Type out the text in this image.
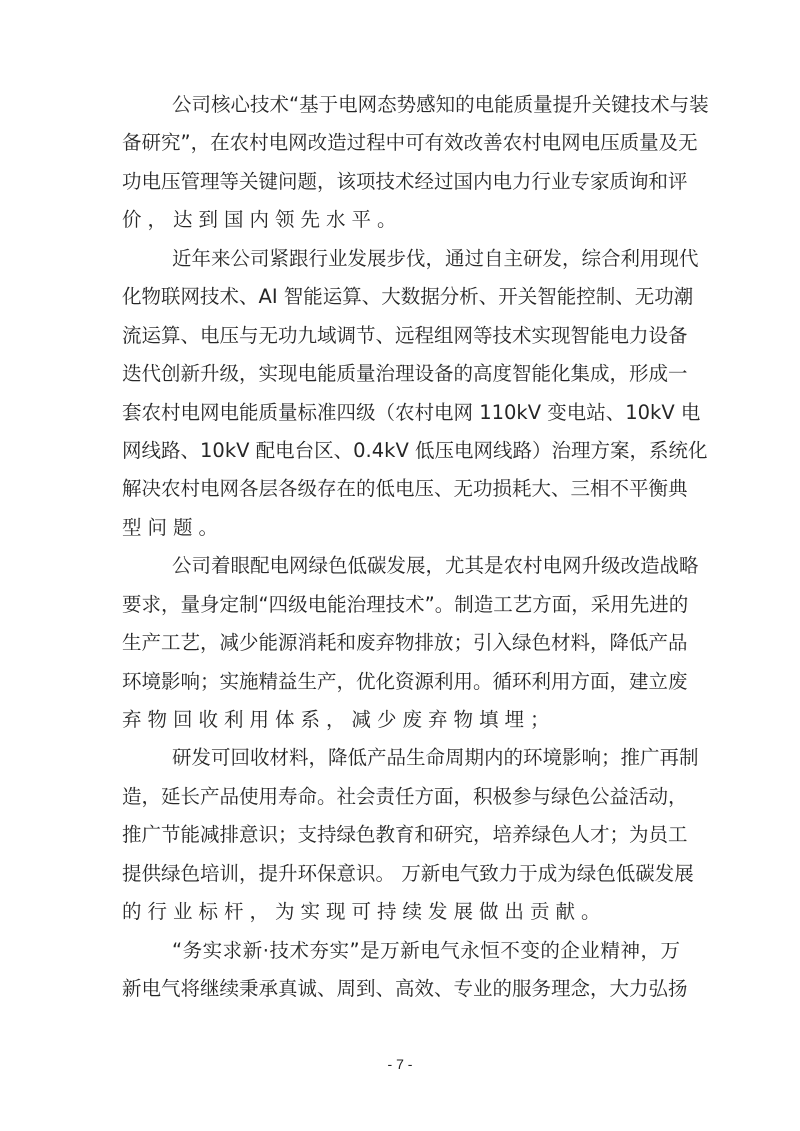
公司核心技术“基于电网态势感知的电能质量提升关键技术与装
备研究”，在农村电网改造过程中可有效改善农村电网电压质量及无
功电压管理等关键问题，该项技术经过国内电力行业专家质询和评
价，达到国内领先水平。
近年来公司紧跟行业发展步伐，通过自主研发，综合利用现代
化物联网技术、AI 智能运算、大数据分析、开关智能控制、无功潮
流运算、电压与无功九域调节、远程组网等技术实现智能电力设备
迭代创新升级，实现电能质量治理设备的高度智能化集成，形成一
套农村电网电能质量标准四级（农村电网 110kV 变电站、10kV 电
网线路、10kV 配电台区、0.4kV 低压电网线路）治理方案，系统化
解决农村电网各层各级存在的低电压、无功损耗大、三相不平衡典
型问题。
公司着眼配电网绿色低碳发展，尤其是农村电网升级改造战略
要求，量身定制“四级电能治理技术”。制造工艺方面，采用先进的
生产工艺，减少能源消耗和废弃物排放；引入绿色材料，降低产品
环境影响；实施精益生产，优化资源利用。循环利用方面，建立废
弃物回收利用体系，减少废弃物填埋；
研发可回收材料，降低产品生命周期内的环境影响；推广再制
造，延长产品使用寿命。社会责任方面，积极参与绿色公益活动，
推广节能减排意识；支持绿色教育和研究，培养绿色人才；为员工
提供绿色培训，提升环保意识。 万新电气致力于成为绿色低碳发展
的行业标杆，为实现可持续发展做出贡献。
“务实求新·技术夯实”是万新电气永恒不变的企业精神，万
新电气将继续秉承真诚、周到、高效、专业的服务理念，大力弘扬
- 7 -
